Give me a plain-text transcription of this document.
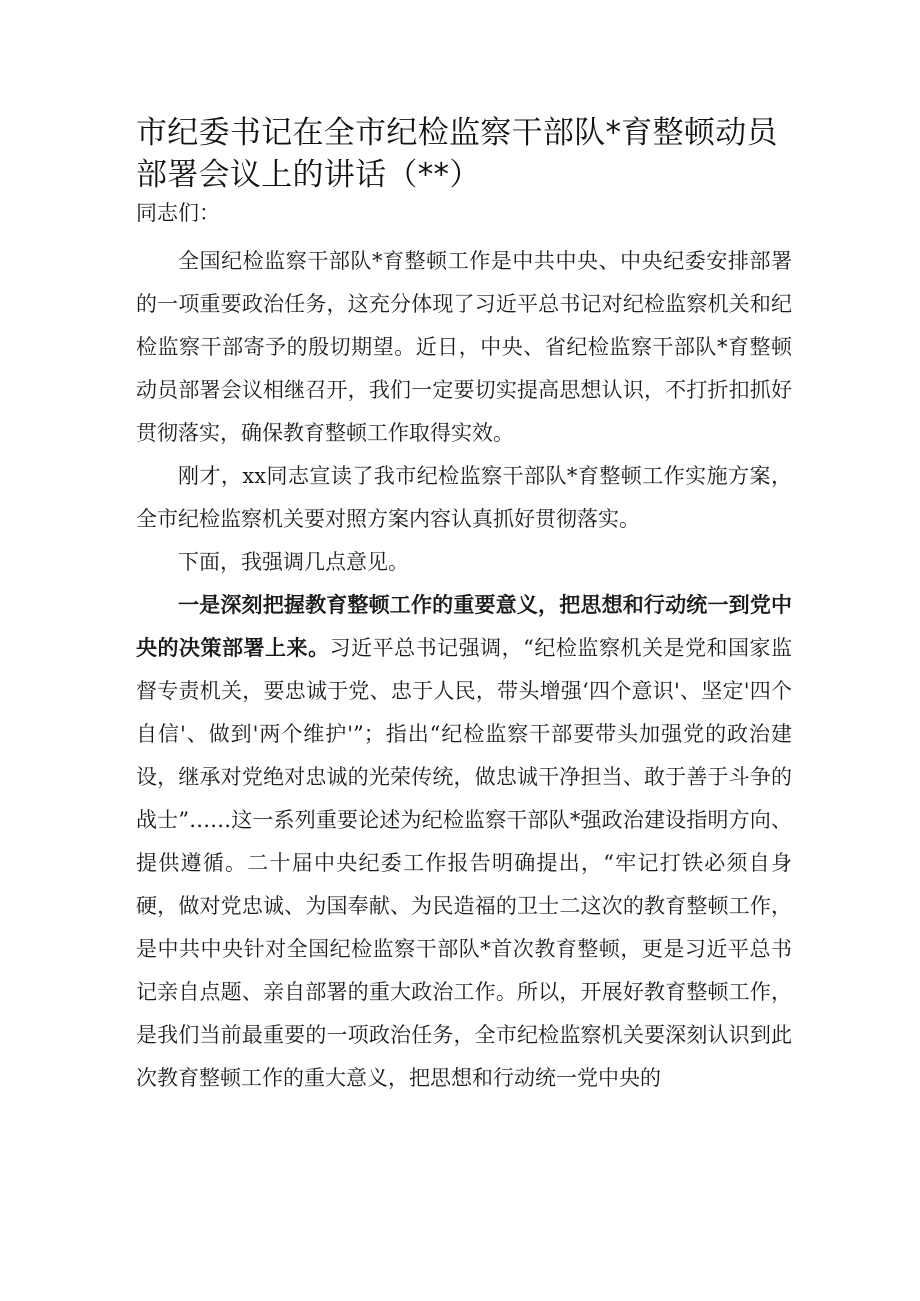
市纪委书记在全市纪检监察干部队*育整顿动员部署会议上的讲话（**）
同志们：

全国纪检监察干部队*育整顿工作是中共中央、中央纪委安排部署的一项重要政治任务，这充分体现了习近平总书记对纪检监察机关和纪检监察干部寄予的殷切期望。近日，中央、省纪检监察干部队*育整顿动员部署会议相继召开，我们一定要切实提高思想认识，不打折扣抓好贯彻落实，确保教育整顿工作取得实效。

刚才，xx同志宣读了我市纪检监察干部队*育整顿工作实施方案，全市纪检监察机关要对照方案内容认真抓好贯彻落实。

下面，我强调几点意见。

一是深刻把握教育整顿工作的重要意义，把思想和行动统一到党中央的决策部署上来。习近平总书记强调，“纪检监察机关是党和国家监督专责机关，要忠诚于党、忠于人民，带头增强‘四个意识'、坚定'四个自信'、做到'两个维护'”；指出“纪检监察干部要带头加强党的政治建设，继承对党绝对忠诚的光荣传统，做忠诚干净担当、敢于善于斗争的战士”……这一系列重要论述为纪检监察干部队*强政治建设指明方向、提供遵循。二十届中央纪委工作报告明确提出，“牢记打铁必须自身硬，做对党忠诚、为国奉献、为民造福的卫士二这次的教育整顿工作，是中共中央针对全国纪检监察干部队*首次教育整顿，更是习近平总书记亲自点题、亲自部署的重大政治工作。所以，开展好教育整顿工作，是我们当前最重要的一项政治任务，全市纪检监察机关要深刻认识到此次教育整顿工作的重大意义，把思想和行动统一党中央的
